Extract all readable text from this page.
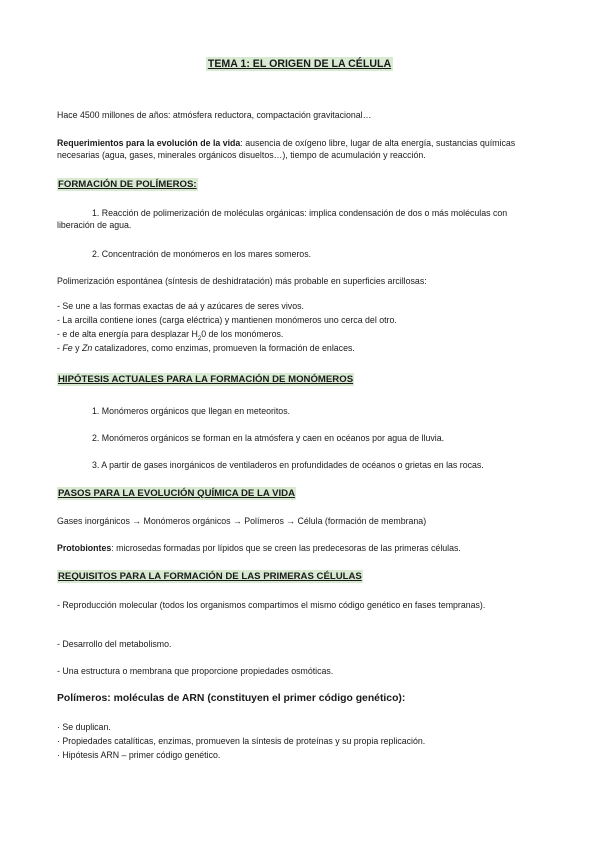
TEMA 1: EL ORIGEN DE LA CÉLULA
Hace 4500 millones de años: atmósfera reductora, compactación gravitacional…
Requerimientos para la evolución de la vida: ausencia de oxígeno libre, lugar de alta energía, sustancias químicas necesarias (agua, gases, minerales orgánicos disueltos…), tiempo de acumulación y reacción.
FORMACIÓN DE POLÍMEROS:
1. Reacción de polimerización de moléculas orgánicas: implica condensación de dos o más moléculas con liberación de agua.
2. Concentración de monómeros en los mares someros.
Polimerización espontánea (síntesis de deshidratación) más probable en superficies arcillosas:
- Se une a las formas exactas de aá y azúcares de seres vivos.
- La arcilla contiene iones (carga eléctrica) y mantienen monómeros uno cerca del otro.
- e de alta energía para desplazar $H_20$ de los monómeros.
- Fe y Zn catalizadores, como enzimas, promueven la formación de enlaces.
HIPÓTESIS ACTUALES PARA LA FORMACIÓN DE MONÓMEROS
1. Monómeros orgánicos que llegan en meteoritos.
2. Monómeros orgánicos se forman en la atmósfera y caen en océanos por agua de lluvia.
3. A partir de gases inorgánicos de ventiladeros en profundidades de océanos o grietas en las rocas.
PASOS PARA LA EVOLUCIÓN QUÍMICA DE LA VIDA
Gases inorgánicos → Monómeros orgánicos → Polímeros → Célula (formación de membrana)
Protobiontes: microsedas formadas por lípidos que se creen las predecesoras de las primeras células.
REQUISITOS PARA LA FORMACIÓN DE LAS PRIMERAS CÉLULAS
- Reproducción molecular (todos los organismos compartimos el mismo código genético en fases tempranas).
- Desarrollo del metabolismo.
- Una estructura o membrana que proporcione propiedades osmóticas.
Polímeros: moléculas de ARN (constituyen el primer código genético):
· Se duplican.
· Propiedades catalíticas, enzimas, promueven la síntesis de proteínas y su propia replicación.
· Hipótesis ARN – primer código genético.
